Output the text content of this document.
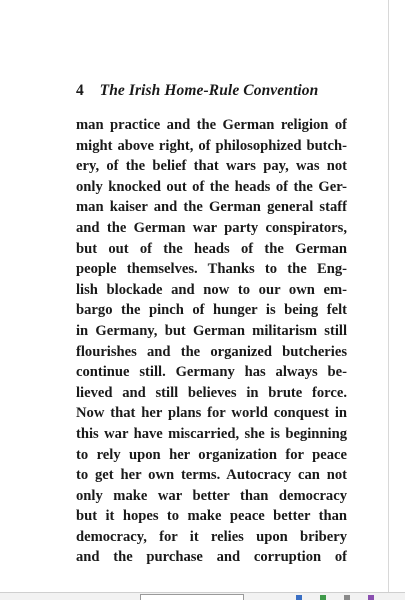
4 The Irish Home-Rule Convention
man practice and the German religion of
might above right, of philosophized butch-
ery, of the belief that wars pay, was not
only knocked out of the heads of the Ger-
man kaiser and the German general staff
and the German war party conspirators,
but out of the heads of the German
people themselves. Thanks to the Eng-
lish blockade and now to our own em-
bargo the pinch of hunger is being felt
in Germany, but German militarism still
flourishes and the organized butcheries
continue still. Germany has always be-
lieved and still believes in brute force.
Now that her plans for world conquest in
this war have miscarried, she is beginning
to rely upon her organization for peace
to get her own terms. Autocracy can not
only make war better than democracy
but it hopes to make peace better than
democracy, for it relies upon bribery
and the purchase and corruption of
